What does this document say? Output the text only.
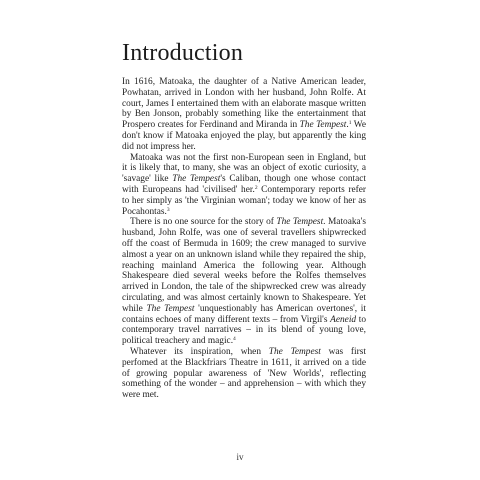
Introduction

In 1616, Matoaka, the daughter of a Native American leader, Powhatan, arrived in London with her husband, John Rolfe. At court, James I entertained them with an elaborate masque written by Ben Jonson, probably something like the entertainment that Prospero creates for Ferdinand and Miranda in The Tempest.$^1$ We don't know if Matoaka enjoyed the play, but apparently the king did not impress her.

Matoaka was not the first non-European seen in England, but it is likely that, to many, she was an object of exotic curiosity, a 'savage' like The Tempest's Caliban, though one whose contact with Europeans had 'civilised' her.$^2$ Contemporary reports refer to her simply as 'the Virginian woman'; today we know of her as Pocahontas.$^3$

There is no one source for the story of The Tempest. Matoaka's husband, John Rolfe, was one of several travellers shipwrecked off the coast of Bermuda in 1609; the crew managed to survive almost a year on an unknown island while they repaired the ship, reaching mainland America the following year. Although Shakespeare died several weeks before the Rolfes themselves arrived in London, the tale of the shipwrecked crew was already circulating, and was almost certainly known to Shakespeare. Yet while The Tempest 'unquestionably has American overtones', it contains echoes of many different texts – from Virgil's Aeneid to contemporary travel narratives – in its blend of young love, political treachery and magic.$^4$

Whatever its inspiration, when The Tempest was first perfomed at the Blackfriars Theatre in 1611, it arrived on a tide of growing popular awareness of 'New Worlds', reflecting something of the wonder – and apprehension – with which they were met.

iv
